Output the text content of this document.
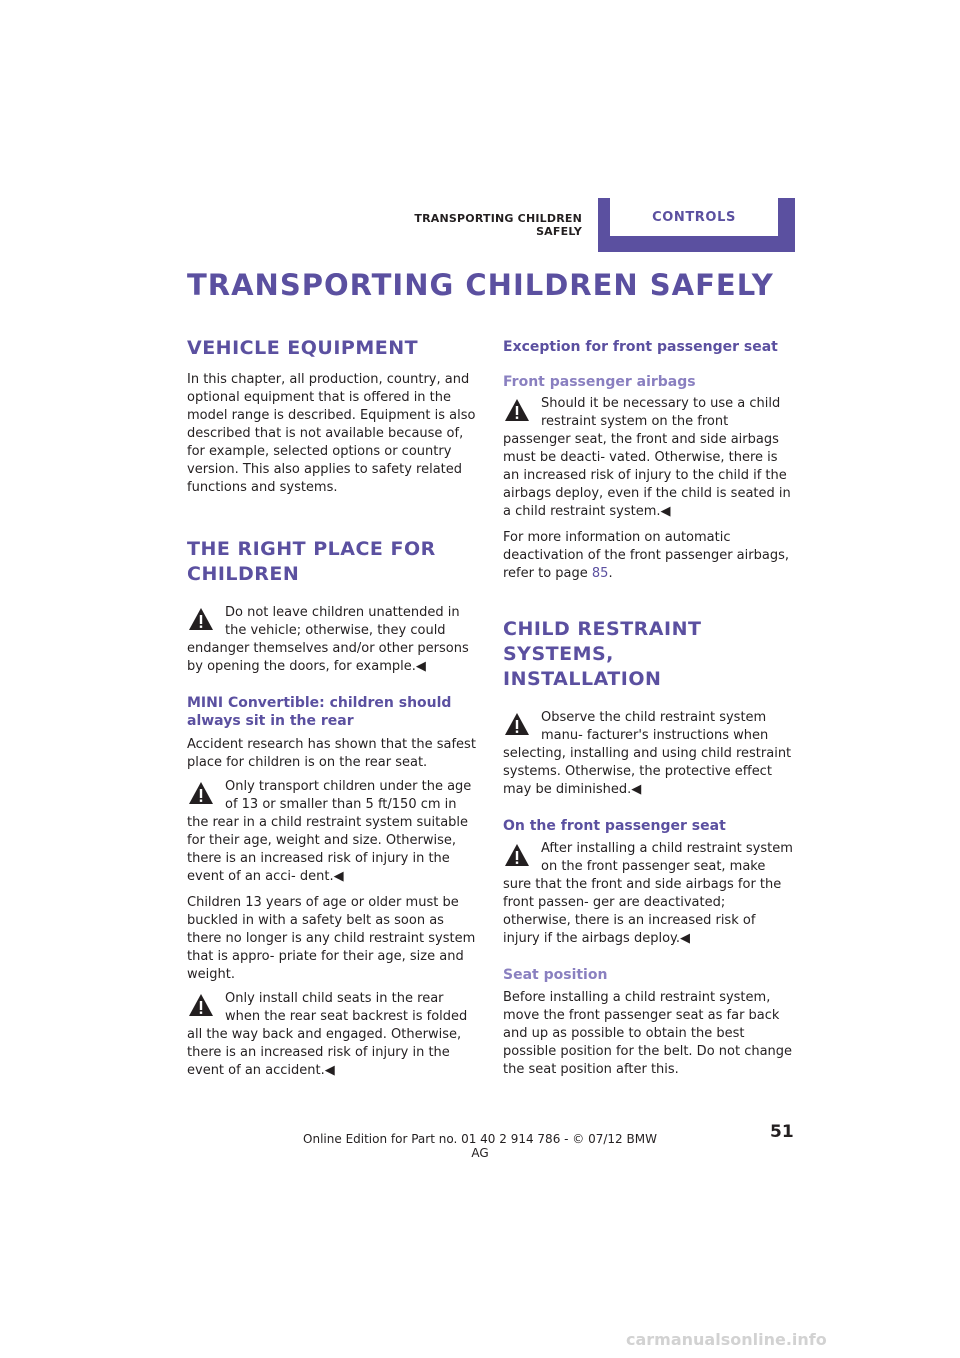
TRANSPORTING CHILDREN SAFELY
CONTROLS
TRANSPORTING CHILDREN SAFELY
VEHICLE EQUIPMENT

In this chapter, all production, country, and optional equipment that is offered in the model range is described. Equipment is also described that is not available because of, for example, selected options or country version. This also applies to safety related functions and systems.

THE RIGHT PLACE FOR
CHILDREN
Do not leave children unattended in the vehicle; otherwise, they could endanger themselves and/or other persons by opening the doors, for example.◀
MINI Convertible: children should
always sit in the rear

Accident research has shown that the safest place for children is on the rear seat.

Only transport children under the age of 13 or smaller than 5 ft/150 cm in the rear in a child restraint system suitable for their age, weight and size. Otherwise, there is an increased risk of injury in the event of an acci- dent.◀

Children 13 years of age or older must be buckled in with a safety belt as soon as there no longer is any child restraint system that is appro- priate for their age, size and weight.

Only install child seats in the rear when the rear seat backrest is folded all the way back and engaged. Otherwise, there is an increased risk of injury in the event of an accident.◀
Exception for front passenger seat
Front passenger airbags
Should it be necessary to use a child restraint system on the front passenger seat, the front and side airbags must be deacti- vated. Otherwise, there is an increased risk of injury to the child if the airbags deploy, even if the child is seated in a child restraint system.◀

For more information on automatic deactivation of the front passenger airbags, refer to page 85.

CHILD RESTRAINT SYSTEMS,
INSTALLATION
Observe the child restraint system manu- facturer's instructions when selecting, installing and using child restraint systems. Otherwise, the protective effect may be diminished.◀
On the front passenger seat
After installing a child restraint system on the front passenger seat, make sure that the front and side airbags for the front passen- ger are deactivated; otherwise, there is an increased risk of injury if the airbags deploy.◀
Seat position

Before installing a child restraint system, move the front passenger seat as far back and up as possible to obtain the best possible position for the belt. Do not change the seat position after this.

51
Online Edition for Part no. 01 40 2 914 786 - © 07/12 BMW AG
carmanualsonline.info
